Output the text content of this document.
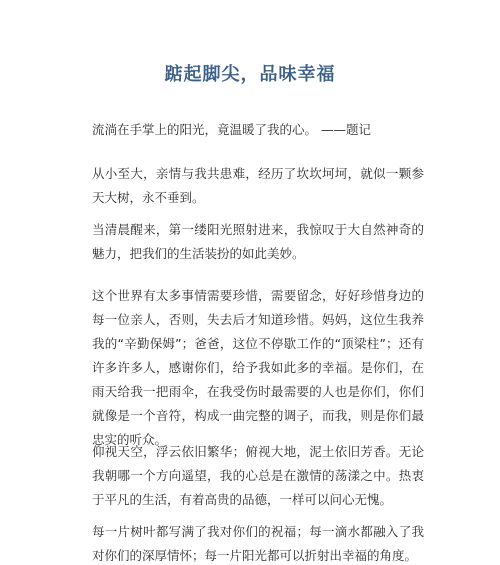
踮起脚尖，品味幸福

流淌在手掌上的阳光，竟温暖了我的心。 ——题记

从小至大，亲情与我共患难，经历了坎坎坷坷，就似一颗参天大树，永不垂到。

当清晨醒来，第一缕阳光照射进来，我惊叹于大自然神奇的魅力，把我们的生活装扮的如此美妙。

这个世界有太多事情需要珍惜，需要留念，好好珍惜身边的每一位亲人，否则，失去后才知道珍惜。妈妈，这位生我养我的“辛勤保姆”；爸爸，这位不停歇工作的“顶梁柱”；还有许多许多人，感谢你们，给予我如此多的幸福。是你们，在雨天给我一把雨伞，在我受伤时最需要的人也是你们，你们就像是一个音符，构成一曲完整的调子，而我，则是你们最忠实的听众。

仰视天空，浮云依旧繁华；俯视大地，泥土依旧芳香。无论我朝哪一个方向遥望，我的心总是在激情的荡漾之中。热衷于平凡的生活，有着高贵的品德，一样可以问心无愧。

每一片树叶都写满了我对你们的祝福；每一滴水都融入了我对你们的深厚情怀；每一片阳光都可以折射出幸福的角度。
